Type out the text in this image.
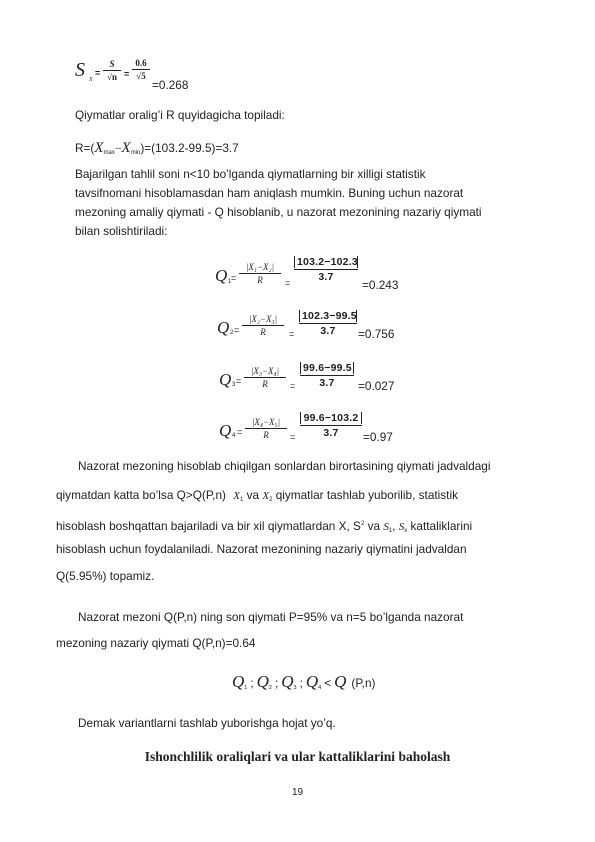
S X
=
S
√n =
0.6
√5
=0.268
Qiymatlar oralig’i R quyidagicha topiladi:
R=(Xmax−Xmin)=(103.2-99.5)=3.7
Bajarilgan tahlil soni n<10 bo’lganda qiymatlarning bir xilligi statistik
tavsifnomani hisoblamasdan ham aniqlash mumkin. Buning uchun nazorat
mezoning amaliy qiymati - Q hisoblanib, u nazorat mezonining nazariy qiymati
bilan solishtiriladi:
Q 1 =
|X₁−X₂|
R	=
103.2−102.3
3.7
=0.243
Q 2 =
|X₂−X₃|
R	=
102.3−99.5
3.7	=0.756
Q 3 =
|X₃−X₄|
R	=
99.6−99.5
3.7	=0.027
Q 4 =
|X₄−X₅|
R	=
99.6−103.2
3.7	=0.97
Nazorat mezoning hisoblab chiqilgan sonlardan birortasining qiymati jadvaldagi
qiymatdan katta bo’lsa Q>Q(P,n) X1 va X2 qiymatlar tashlab yuborilib, statistik
hisoblash boshqattan bajariladi va bir xil qiymatlardan X, $S^2$ va S1, Sx kattaliklarini
hisoblash uchun foydalaniladi. Nazorat mezonining nazariy qiymatini jadvaldan
Q(5.95%) topamiz.
Nazorat mezoni Q(P,n) ning son qiymati P=95% va n=5 bo’lganda nazorat
mezoning nazariy qiymati Q(P,n)=0.64
$Q_1$ ; $Q_2$ ; $Q_3$ ; $Q_4 < Q$ (P,n)
Demak variantlarni tashlab yuborishga hojat yo’q.
Ishonchlilik oraliqlari va ular kattaliklarini baholash
19
